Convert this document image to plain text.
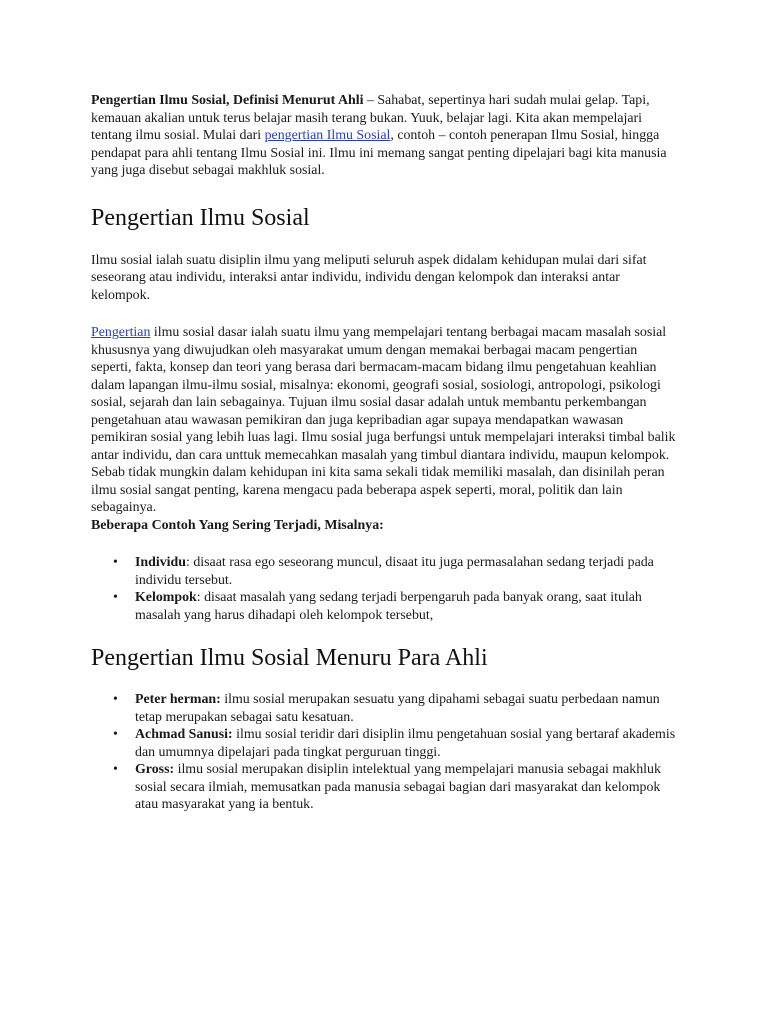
Pengertian Ilmu Sosial, Definisi Menurut Ahli – Sahabat, sepertinya hari sudah mulai gelap. Tapi, kemauan akalian untuk terus belajar masih terang bukan. Yuuk, belajar lagi. Kita akan mempelajari tentang ilmu sosial. Mulai dari pengertian Ilmu Sosial, contoh – contoh penerapan Ilmu Sosial, hingga pendapat para ahli tentang Ilmu Sosial ini. Ilmu ini memang sangat penting dipelajari bagi kita manusia yang juga disebut sebagai makhluk sosial.

Pengertian Ilmu Sosial

Ilmu sosial ialah suatu disiplin ilmu yang meliputi seluruh aspek didalam kehidupan mulai dari sifat seseorang atau individu, interaksi antar individu, individu dengan kelompok dan interaksi antar kelompok.

Pengertian ilmu sosial dasar ialah suatu ilmu yang mempelajari tentang berbagai macam masalah sosial khususnya yang diwujudkan oleh masyarakat umum dengan memakai berbagai macam pengertian seperti, fakta, konsep dan teori yang berasa dari bermacam-macam bidang ilmu pengetahuan keahlian dalam lapangan ilmu-ilmu sosial, misalnya: ekonomi, geografi sosial, sosiologi, antropologi, psikologi sosial, sejarah dan lain sebagainya. Tujuan ilmu sosial dasar adalah untuk membantu perkembangan pengetahuan atau wawasan pemikiran dan juga kepribadian agar supaya mendapatkan wawasan pemikiran sosial yang lebih luas lagi. Ilmu sosial juga berfungsi untuk mempelajari interaksi timbal balik antar individu, dan cara unttuk memecahkan masalah yang timbul diantara individu, maupun kelompok. Sebab tidak mungkin dalam kehidupan ini kita sama sekali tidak memiliki masalah, dan disinilah peran ilmu sosial sangat penting, karena mengacu pada beberapa aspek seperti, moral, politik dan lain sebagainya.
Beberapa Contoh Yang Sering Terjadi, Misalnya:

• Individu: disaat rasa ego seseorang muncul, disaat itu juga permasalahan sedang terjadi pada individu tersebut.
• Kelompok: disaat masalah yang sedang terjadi berpengaruh pada banyak orang, saat itulah masalah yang harus dihadapi oleh kelompok tersebut,
Pengertian Ilmu Sosial Menuru Para Ahli
• Peter herman: ilmu sosial merupakan sesuatu yang dipahami sebagai suatu perbedaan namun tetap merupakan sebagai satu kesatuan.
• Achmad Sanusi: ilmu sosial teridir dari disiplin ilmu pengetahuan sosial yang bertaraf akademis dan umumnya dipelajari pada tingkat perguruan tinggi.
• Gross: ilmu sosial merupakan disiplin intelektual yang mempelajari manusia sebagai makhluk sosial secara ilmiah, memusatkan pada manusia sebagai bagian dari masyarakat dan kelompok atau masyarakat yang ia bentuk.
